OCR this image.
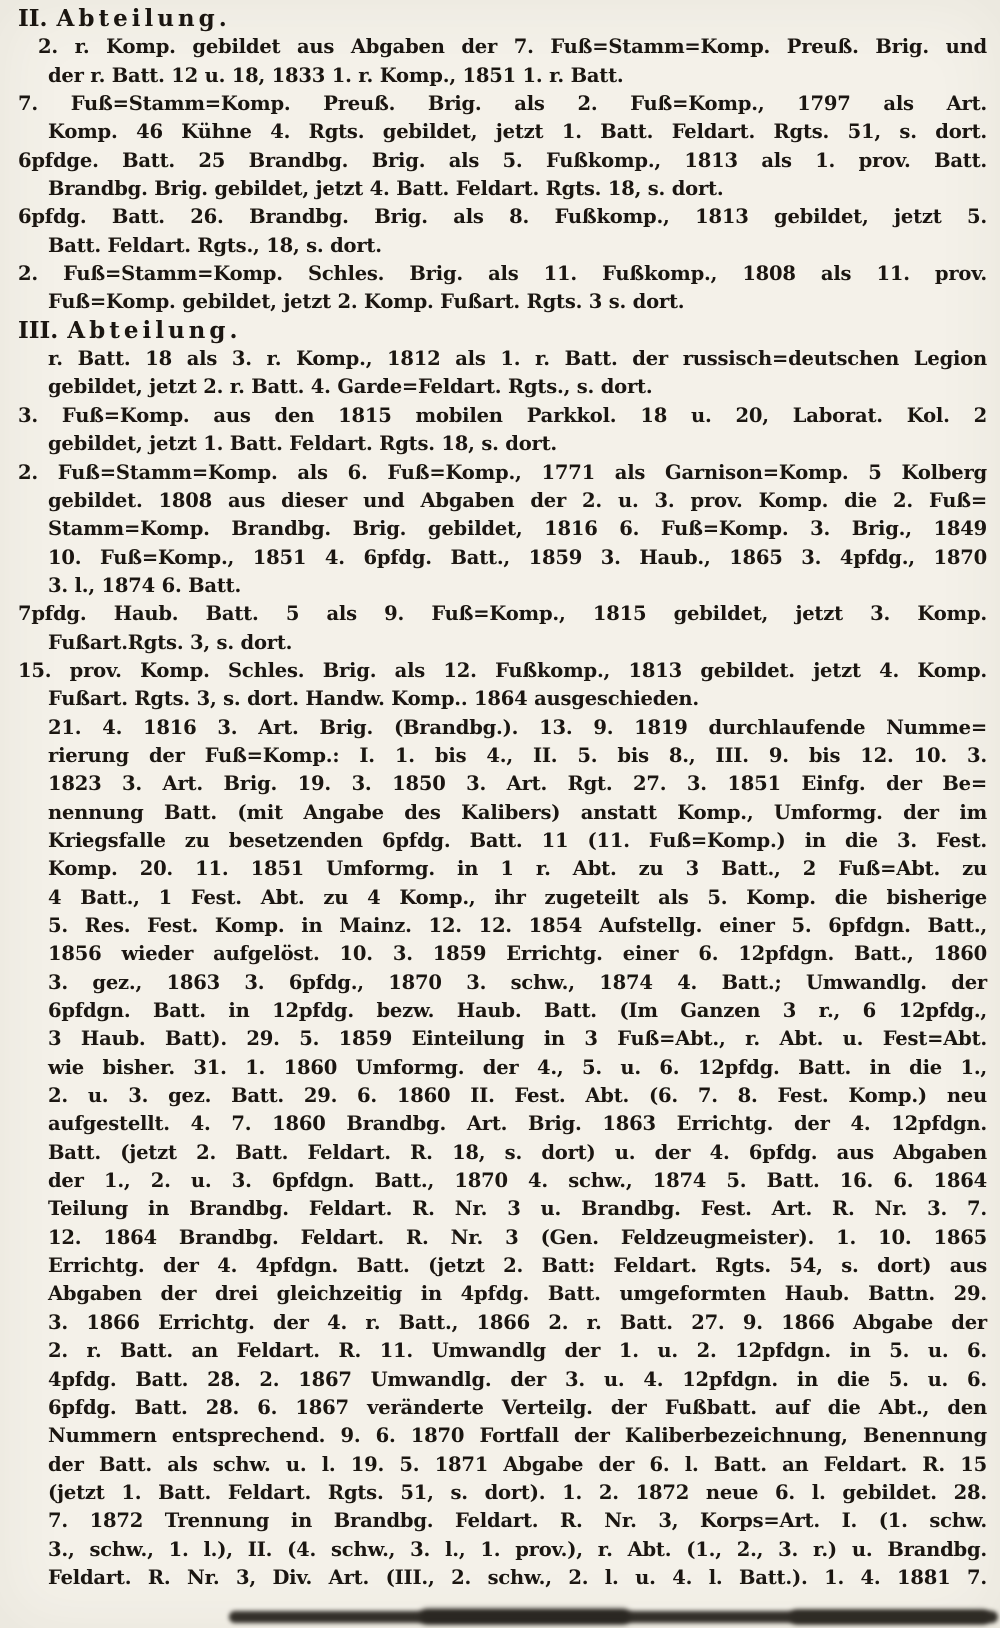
II. Abteilung.
2. r. Komp. gebildet aus Abgaben der 7. Fuß=Stamm=Komp. Preuß. Brig. und
der r. Batt. 12 u. 18, 1833 1. r. Komp., 1851 1. r. Batt.
7. Fuß=Stamm=Komp. Preuß. Brig. als 2. Fuß=Komp., 1797 als Art.
Komp. 46 Kühne 4. Rgts. gebildet, jetzt 1. Batt. Feldart. Rgts. 51, s. dort.
6pfdge. Batt. 25 Brandbg. Brig. als 5. Fußkomp., 1813 als 1. prov. Batt.
Brandbg. Brig. gebildet, jetzt 4. Batt. Feldart. Rgts. 18, s. dort.
6pfdg. Batt. 26. Brandbg. Brig. als 8. Fußkomp., 1813 gebildet, jetzt 5.
Batt. Feldart. Rgts., 18, s. dort.
2. Fuß=Stamm=Komp. Schles. Brig. als 11. Fußkomp., 1808 als 11. prov.
Fuß=Komp. gebildet, jetzt 2. Komp. Fußart. Rgts. 3 s. dort.
III. Abteilung.
r. Batt. 18 als 3. r. Komp., 1812 als 1. r. Batt. der russisch=deutschen Legion
gebildet, jetzt 2. r. Batt. 4. Garde=Feldart. Rgts., s. dort.
3. Fuß=Komp. aus den 1815 mobilen Parkkol. 18 u. 20, Laborat. Kol. 2
gebildet, jetzt 1. Batt. Feldart. Rgts. 18, s. dort.
2. Fuß=Stamm=Komp. als 6. Fuß=Komp., 1771 als Garnison=Komp. 5 Kolberg
gebildet. 1808 aus dieser und Abgaben der 2. u. 3. prov. Komp. die 2. Fuß=
Stamm=Komp. Brandbg. Brig. gebildet, 1816 6. Fuß=Komp. 3. Brig., 1849
10. Fuß=Komp., 1851 4. 6pfdg. Batt., 1859 3. Haub., 1865 3. 4pfdg., 1870
3. l., 1874 6. Batt.
7pfdg. Haub. Batt. 5 als 9. Fuß=Komp., 1815 gebildet, jetzt 3. Komp.
Fußart.Rgts. 3, s. dort.
15. prov. Komp. Schles. Brig. als 12. Fußkomp., 1813 gebildet. jetzt 4. Komp.
Fußart. Rgts. 3, s. dort. Handw. Komp.. 1864 ausgeschieden.
21. 4. 1816 3. Art. Brig. (Brandbg.). 13. 9. 1819 durchlaufende Numme=
rierung der Fuß=Komp.: I. 1. bis 4., II. 5. bis 8., III. 9. bis 12. 10. 3.
1823 3. Art. Brig. 19. 3. 1850 3. Art. Rgt. 27. 3. 1851 Einfg. der Be=
nennung Batt. (mit Angabe des Kalibers) anstatt Komp., Umformg. der im
Kriegsfalle zu besetzenden 6pfdg. Batt. 11 (11. Fuß=Komp.) in die 3. Fest.
Komp. 20. 11. 1851 Umformg. in 1 r. Abt. zu 3 Batt., 2 Fuß=Abt. zu
4 Batt., 1 Fest. Abt. zu 4 Komp., ihr zugeteilt als 5. Komp. die bisherige
5. Res. Fest. Komp. in Mainz. 12. 12. 1854 Aufstellg. einer 5. 6pfdgn. Batt.,
1856 wieder aufgelöst. 10. 3. 1859 Errichtg. einer 6. 12pfdgn. Batt., 1860
3. gez., 1863 3. 6pfdg., 1870 3. schw., 1874 4. Batt.; Umwandlg. der
6pfdgn. Batt. in 12pfdg. bezw. Haub. Batt. (Im Ganzen 3 r., 6 12pfdg.,
3 Haub. Batt). 29. 5. 1859 Einteilung in 3 Fuß=Abt., r. Abt. u. Fest=Abt.
wie bisher. 31. 1. 1860 Umformg. der 4., 5. u. 6. 12pfdg. Batt. in die 1.,
2. u. 3. gez. Batt. 29. 6. 1860 II. Fest. Abt. (6. 7. 8. Fest. Komp.) neu
aufgestellt. 4. 7. 1860 Brandbg. Art. Brig. 1863 Errichtg. der 4. 12pfdgn.
Batt. (jetzt 2. Batt. Feldart. R. 18, s. dort) u. der 4. 6pfdg. aus Abgaben
der 1., 2. u. 3. 6pfdgn. Batt., 1870 4. schw., 1874 5. Batt. 16. 6. 1864
Teilung in Brandbg. Feldart. R. Nr. 3 u. Brandbg. Fest. Art. R. Nr. 3. 7.
12. 1864 Brandbg. Feldart. R. Nr. 3 (Gen. Feldzeugmeister). 1. 10. 1865
Errichtg. der 4. 4pfdgn. Batt. (jetzt 2. Batt: Feldart. Rgts. 54, s. dort) aus
Abgaben der drei gleichzeitig in 4pfdg. Batt. umgeformten Haub. Battn. 29.
3. 1866 Errichtg. der 4. r. Batt., 1866 2. r. Batt. 27. 9. 1866 Abgabe der
2. r. Batt. an Feldart. R. 11. Umwandlg der 1. u. 2. 12pfdgn. in 5. u. 6.
4pfdg. Batt. 28. 2. 1867 Umwandlg. der 3. u. 4. 12pfdgn. in die 5. u. 6.
6pfdg. Batt. 28. 6. 1867 veränderte Verteilg. der Fußbatt. auf die Abt., den
Nummern entsprechend. 9. 6. 1870 Fortfall der Kaliberbezeichnung, Benennung
der Batt. als schw. u. l. 19. 5. 1871 Abgabe der 6. l. Batt. an Feldart. R. 15
(jetzt 1. Batt. Feldart. Rgts. 51, s. dort). 1. 2. 1872 neue 6. l. gebildet. 28.
7. 1872 Trennung in Brandbg. Feldart. R. Nr. 3, Korps=Art. I. (1. schw.
3., schw., 1. l.), II. (4. schw., 3. l., 1. prov.), r. Abt. (1., 2., 3. r.) u. Brandbg.
Feldart. R. Nr. 3, Div. Art. (III., 2. schw., 2. l. u. 4. l. Batt.). 1. 4. 1881 7.
